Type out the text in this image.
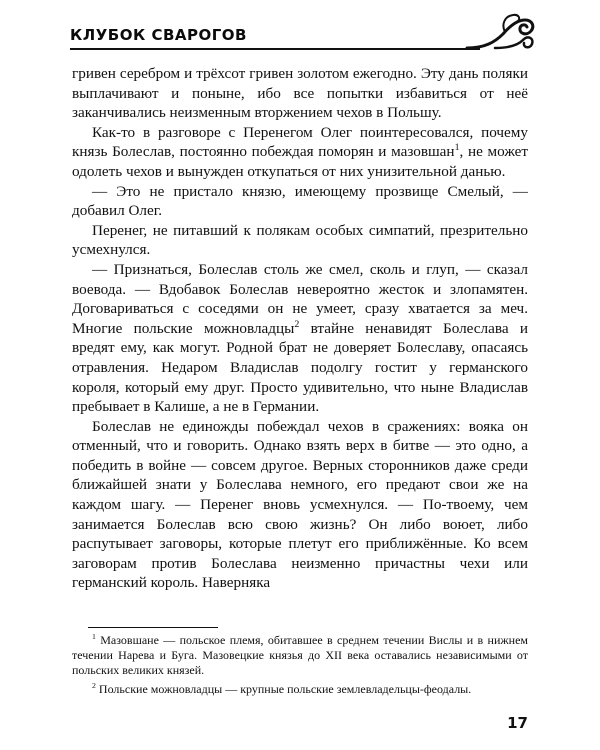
КЛУБОК СВАРОГОВ

гривен серебром и трёхсот гривен золотом ежегодно. Эту дань поляки выплачивают и поныне, ибо все попытки избавиться от неё заканчивались неизменным вторжением чехов в Польшу.

Как-то в разговоре с Перенегом Олег поинтересовался, почему князь Болеслав, постоянно побеждая поморян и мазовшан$^1$, не может одолеть чехов и вынужден откупаться от них унизительной данью.

— Это не пристало князю, имеющему прозвище Смелый, — добавил Олег.

Перенег, не питавший к полякам особых симпатий, презрительно усмехнулся.

— Признаться, Болеслав столь же смел, сколь и глуп, — сказал воевода. — Вдобавок Болеслав невероятно жесток и злопамятен. Договариваться с соседями он не умеет, сразу хватается за меч. Многие польские можновладцы$^2$ втайне ненавидят Болеслава и вредят ему, как могут. Родной брат не доверяет Болеславу, опасаясь отравления. Недаром Владислав подолгу гостит у германского короля, который ему друг. Просто удивительно, что ныне Владислав пребывает в Калише, а не в Германии.

Болеслав не единожды побеждал чехов в сражениях: вояка он отменный, что и говорить. Однако взять верх в битве — это одно, а победить в войне — совсем другое. Верных сторонников даже среди ближайшей знати у Болеслава немного, его предают свои же на каждом шагу. — Перенег вновь усмехнулся. — По-твоему, чем занимается Болеслав всю свою жизнь? Он либо воюет, либо распутывает заговоры, которые плетут его приближённые. Ко всем заговорам против Болеслава неизменно причастны чехи или германский король. Наверняка

$^1$ Мазовшане — польское племя, обитавшее в среднем течении Вислы и в нижнем течении Нарева и Буга. Мазовецкие князья до XII века оставались независимыми от польских великих князей.

$^2$ Польские можновладцы — крупные польские землевладельцы-феодалы.

17
